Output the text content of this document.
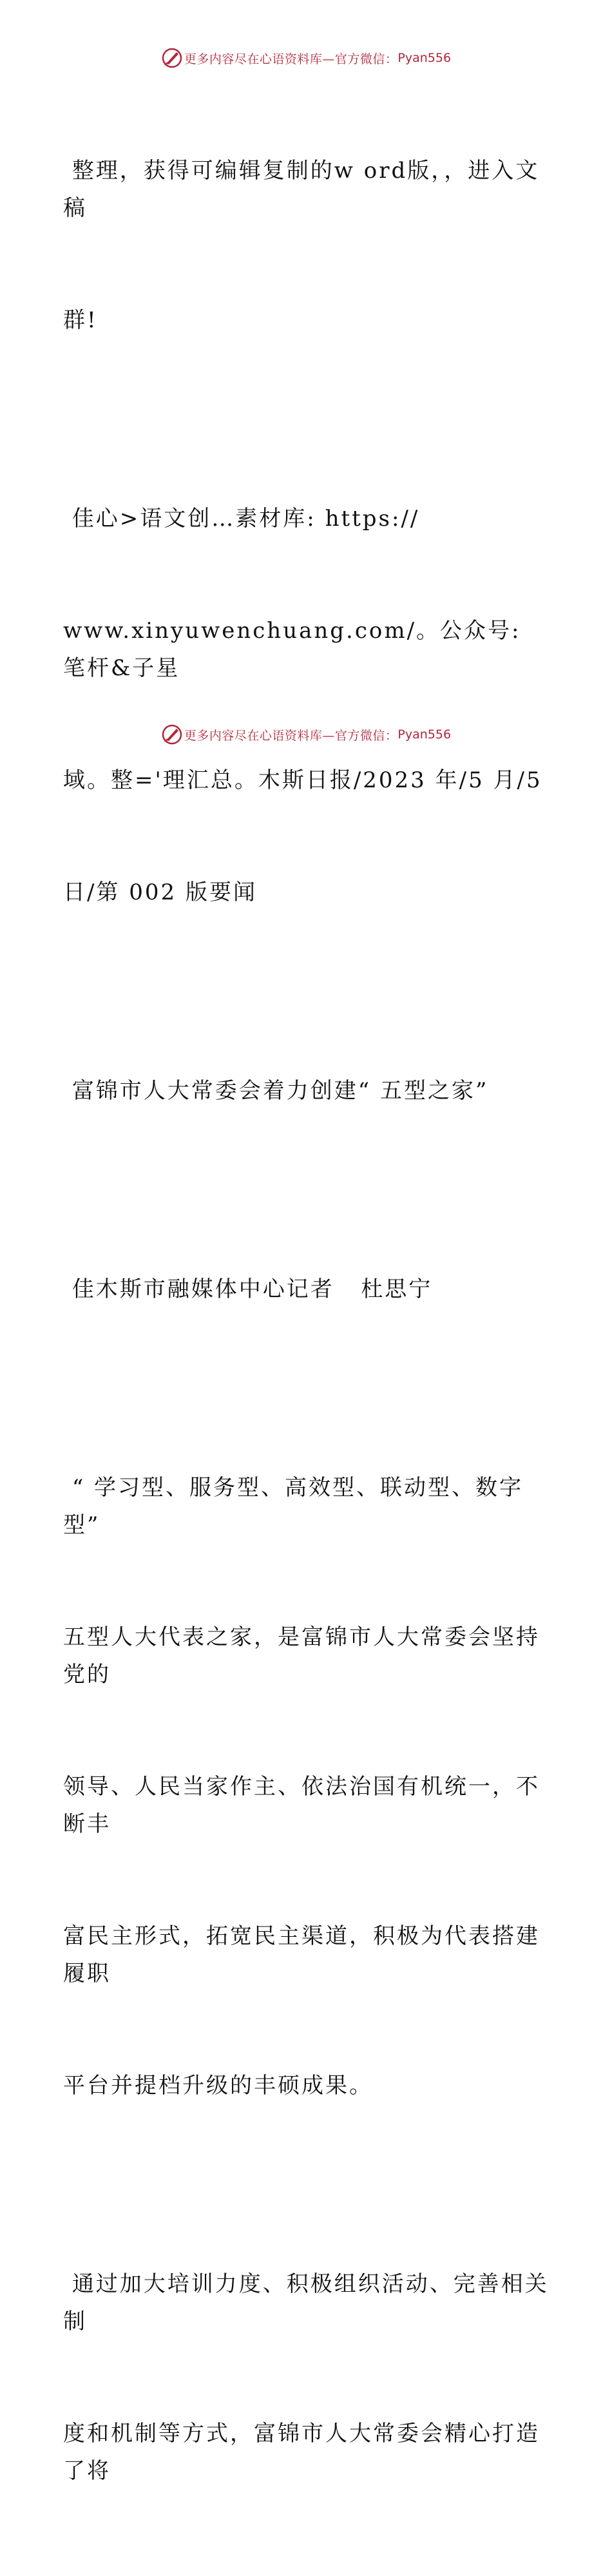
更多内容尽在心语资料库—官方微信： Pyan556

整理，获得可编辑复制的w ord版，，进入文稿

群!

佳心>语文创…素材库: https://

www.xinyuwenchuang.com/。公众号: 笔杆&子星

域。整='理汇总。木斯日报/2023 年/5 月/5

日/第 002 版要闻

富锦市人大常委会着力创建“ 五型之家”

佳木斯市融媒体中心记者   杜思宁

“ 学习型、服务型、高效型、联动型、数字型”

五型人大代表之家，是富锦市人大常委会坚持党的

领导、人民当家作主、依法治国有机统一，不断丰

富民主形式，拓宽民主渠道，积极为代表搭建履职

平台并提档升级的丰硕成果。

通过加大培训力度、积极组织活动、完善相关制

度和机制等方式，富锦市人大常委会精心打造了将

更多内容尽在心语资料库—官方微信： Pyan556
